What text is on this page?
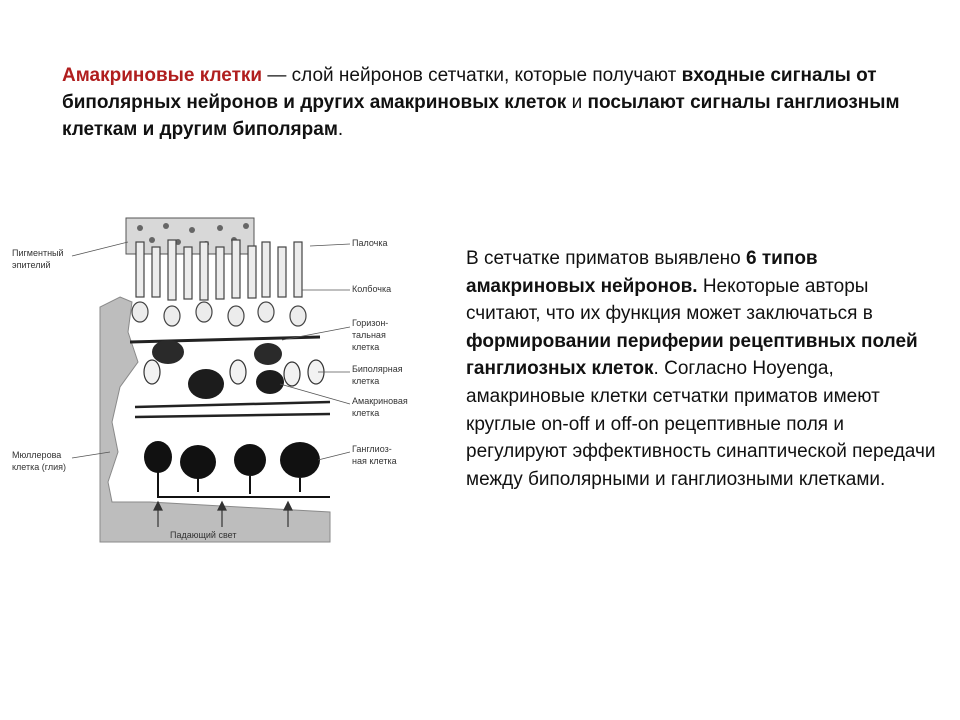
Амакриновые клетки — слой нейронов сетчатки, которые получают входные сигналы от биполярных нейронов и других амакриновых клеток и посылают сигналы ганглиозным клеткам и другим биполярам.
Пигментный
эпителий
Мюллерова
клетка (глия)
Палочка
Колбочка
Горизон-
тальная
клетка
Биполярная
клетка
Амакриновая
клетка
Ганглиоз-
ная клетка
Падающий свет
В сетчатке приматов выявлено 6 типов амакриновых нейронов. Некоторые авторы считают, что их функция может заключаться в формировании периферии рецептивных полей ганглиозных клеток. Согласно Hoyenga, амакриновые клетки сетчатки приматов имеют круглые on-off и off-on рецептивные поля и регулируют эффективность синаптической передачи между биполярными и ганглиозными клетками.
